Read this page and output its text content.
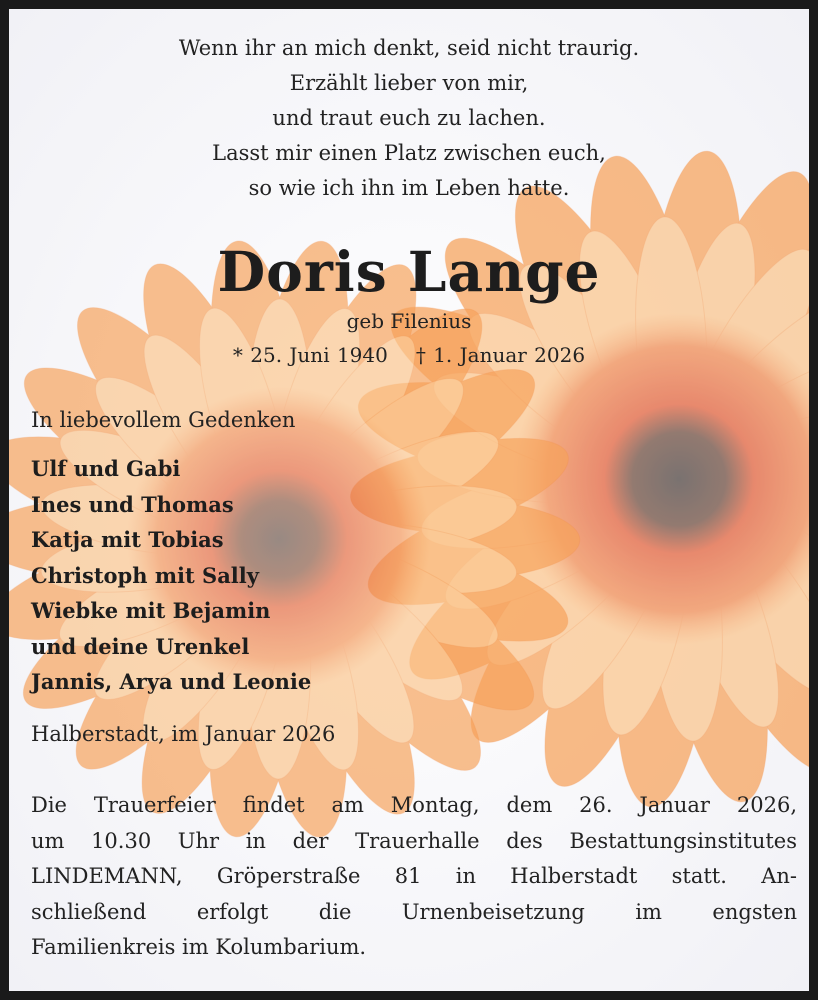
Wenn ihr an mich denkt, seid nicht traurig.
Erzählt lieber von mir,
und traut euch zu lachen.
Lasst mir einen Platz zwischen euch,
so wie ich ihn im Leben hatte.
Doris Lange
geb Filenius
* 25. Juni 1940 † 1. Januar 2026
In liebevollem Gedenken
Ulf und Gabi
Ines und Thomas
Katja mit Tobias
Christoph mit Sally
Wiebke mit Bejamin
und deine Urenkel
Jannis, Arya und Leonie
Halberstadt, im Januar 2026
Die Trauerfeier findet am Montag, dem 26. Januar 2026,
um 10.30 Uhr in der Trauerhalle des Bestattungsinstitutes
LINDEMANN, Gröperstraße 81 in Halberstadt statt. An-
schließend erfolgt die Urnenbeisetzung im engsten
Familienkreis im Kolumbarium.
